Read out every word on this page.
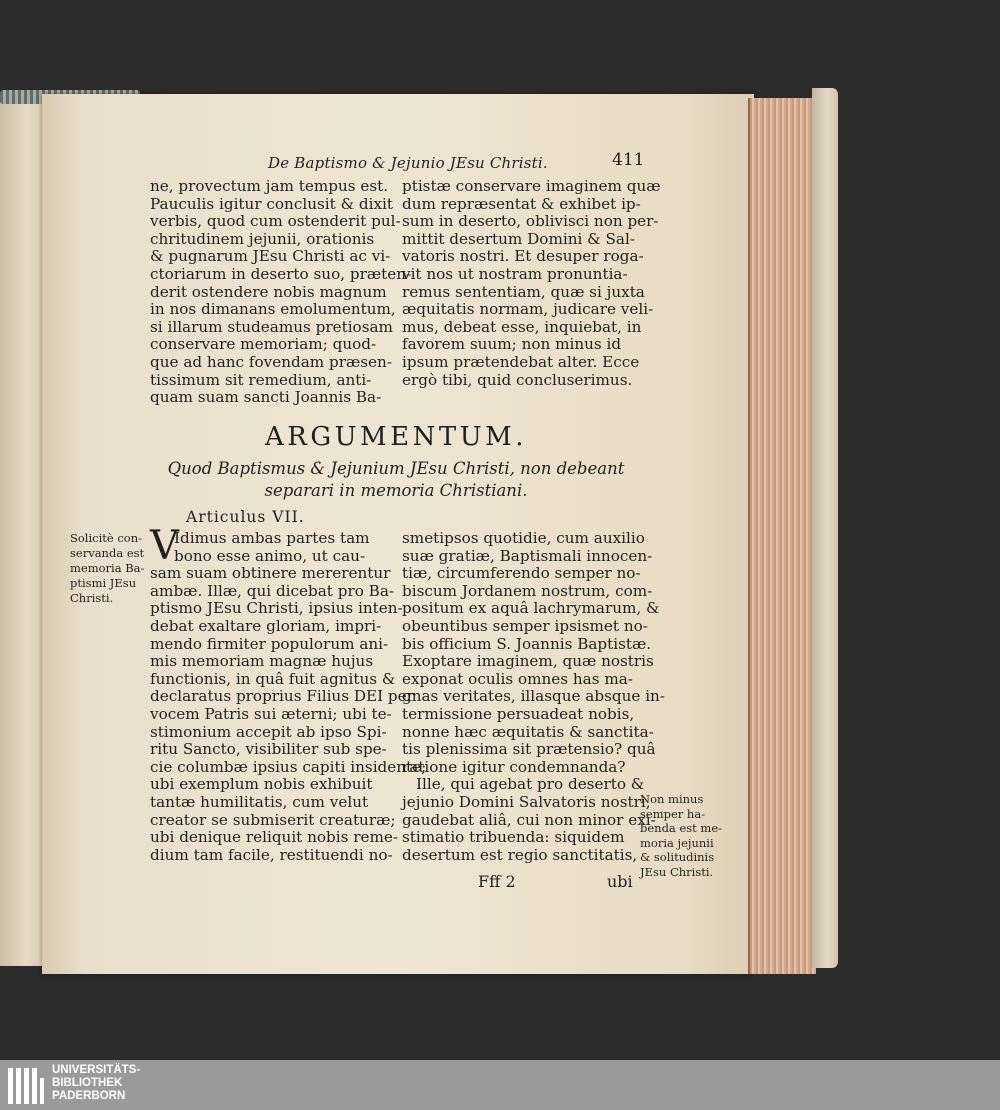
De Baptismo & Jejunio JEsu Christi.	411
ne, provectum jam tempus est.
Pauculis igitur conclusit & dixit
verbis, quod cum ostenderit pul-
chritudinem jejunii, orationis
& pugnarum JEsu Christi ac vi-
ctoriarum in deserto suo, præten-
derit ostendere nobis magnum
in nos dimanans emolumentum,
si illarum studeamus pretiosam
conservare memoriam; quod-
que ad hanc fovendam præsen-
tissimum sit remedium, anti-
quam suam sancti Joannis Ba-
ptistæ conservare imaginem quæ
dum repræsentat & exhibet ip-
sum in deserto, oblivisci non per-
mittit desertum Domini & Sal-
vatoris nostri. Et desuper roga-
vit nos ut nostram pronuntia-
remus sententiam, quæ si juxta
æquitatis normam, judicare veli-
mus, debeat esse, inquiebat, in
favorem suum; non minus id
ipsum prætendebat alter. Ecce
ergò tibi, quid concluserimus.
ARGUMENTUM.
Quod Baptismus & Jejunium JEsu Christi, non debeant
separari in memoria Christiani.
Articulus VII.
Solicitè con-
servanda est
memoria Ba-
ptismi JEsu
Christi.
V
Idimus ambas partes tam
bono esse animo, ut cau-
sam suam obtinere mererentur
ambæ. Illæ, qui dicebat pro Ba-
ptismo JEsu Christi, ipsius inten-
debat exaltare gloriam, impri-
mendo firmiter populorum ani-
mis memoriam magnæ hujus
functionis, in quâ fuit agnitus &
declaratus proprius Filius DEI per
vocem Patris sui æterni; ubi te-
stimonium accepit ab ipso Spi-
ritu Sancto, visibiliter sub spe-
cie columbæ ipsius capiti insidente;
ubi exemplum nobis exhibuit
tantæ humilitatis, cum velut
creator se submiserit creaturæ;
ubi denique reliquit nobis reme-
dium tam facile, restituendi no-
smetipsos quotidie, cum auxilio
suæ gratiæ, Baptismali innocen-
tiæ, circumferendo semper no-
biscum Jordanem nostrum, com-
positum ex aquâ lachrymarum, &
obeuntibus semper ipsismet no-
bis officium S. Joannis Baptistæ.
Exoptare imaginem, quæ nostris
exponat oculis omnes has ma-
gnas veritates, illasque absque in-
termissione persuadeat nobis,
nonne hæc æquitatis & sanctita-
tis plenissima sit prætensio? quâ
ratione igitur condemnanda?
Ille, qui agebat pro deserto &
jejunio Domini Salvatoris nostri,
gaudebat aliâ, cui non minor exi-
stimatio tribuenda: siquidem
desertum est regio sanctitatis,
Non minus
semper ha-
benda est me-
moria jejunii
& solitudinis
JEsu Christi.
Fff 2	ubi
UNIVERSITÄTS-
BIBLIOTHEK
PADERBORN
